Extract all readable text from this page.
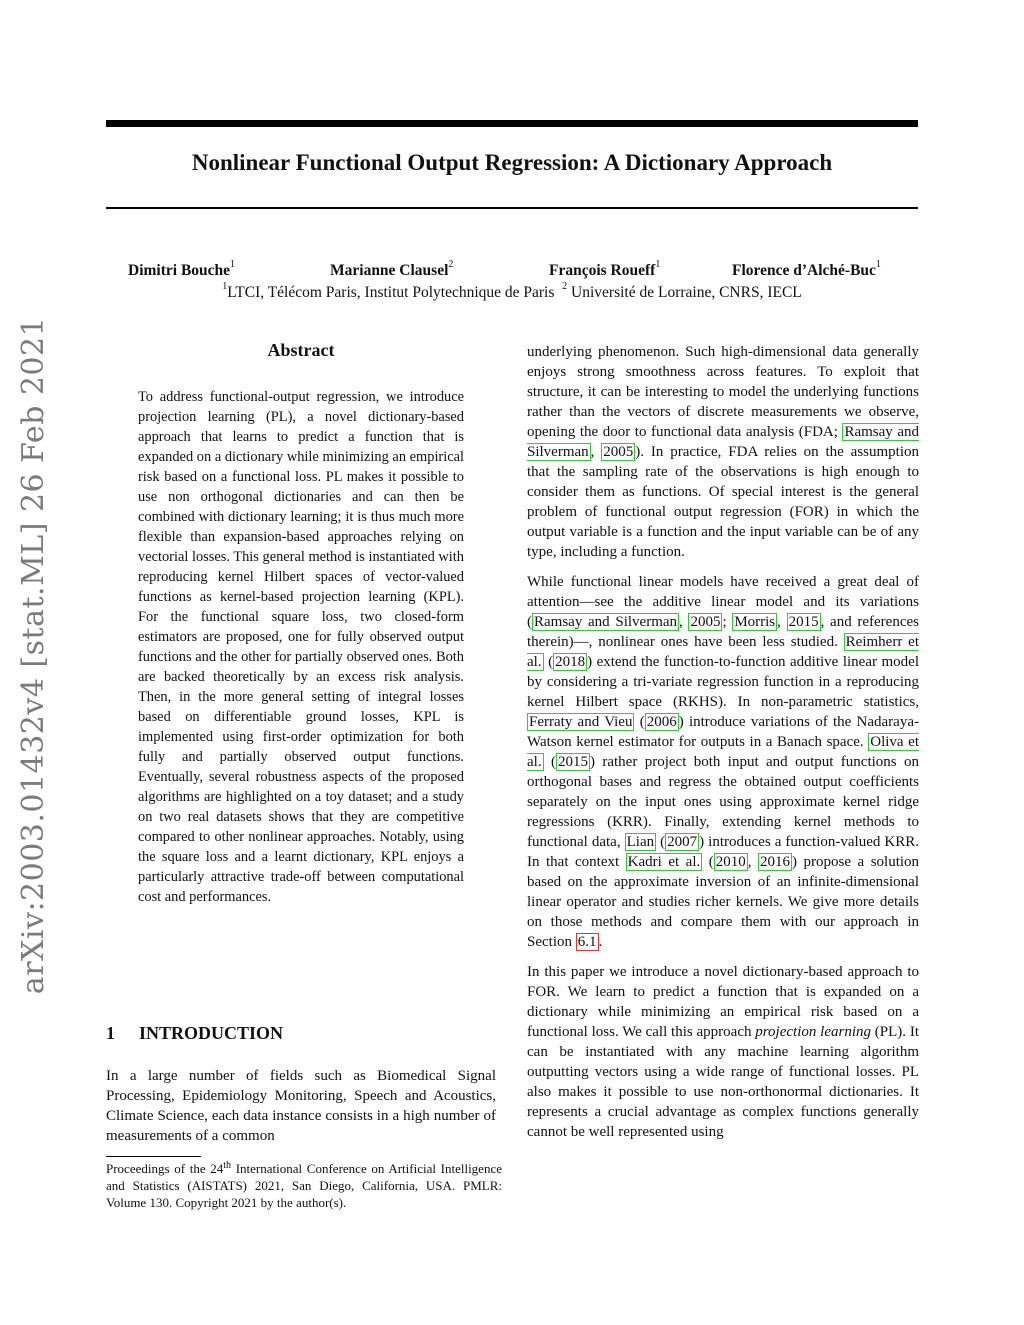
Nonlinear Functional Output Regression: A Dictionary Approach
Dimitri Bouche$^1$	Marianne Clausel$^2$	François Roueff$^1$	Florence d’Alché-Buc$^1$
$^1$LTCI, Télécom Paris, Institut Polytechnique de Paris $^2$ Université de Lorraine, CNRS, IECL
arXiv:2003.01432v4 [stat.ML] 26 Feb 2021	Abstract
To address functional-output regression, we introduce projection learning (PL), a novel dictionary-based approach that learns to predict a function that is expanded on a dictionary while minimizing an empirical risk based on a functional loss. PL makes it possible to use non orthogonal dictionaries and can then be combined with dictionary learning; it is thus much more flexible than expansion-based approaches relying on vectorial losses. This general method is instantiated with reproducing kernel Hilbert spaces of vector-valued functions as kernel-based projection learning (KPL). For the functional square loss, two closed-form estimators are proposed, one for fully observed output functions and the other for partially observed ones. Both are backed theoretically by an excess risk analysis. Then, in the more general setting of integral losses based on differentiable ground losses, KPL is implemented using first-order optimization for both fully and partially observed output functions. Eventually, several robustness aspects of the proposed algorithms are highlighted on a toy dataset; and a study on two real datasets shows that they are competitive compared to other nonlinear approaches. Notably, using the square loss and a learnt dictionary, KPL enjoys a particularly attractive trade-off between computational cost and performances.
1 INTRODUCTION
In a large number of fields such as Biomedical Signal Processing, Epidemiology Monitoring, Speech and Acoustics, Climate Science, each data instance consists in a high number of measurements of a common
Proceedings of the 24th International Conference on Artificial Intelligence and Statistics (AISTATS) 2021, San Diego, California, USA. PMLR: Volume 130. Copyright 2021 by the author(s).

underlying phenomenon. Such high-dimensional data generally enjoys strong smoothness across features. To exploit that structure, it can be interesting to model the underlying functions rather than the vectors of discrete measurements we observe, opening the door to functional data analysis (FDA; Ramsay and Silverman , 2005 ). In practice, FDA relies on the assumption that the sampling rate of the observations is high enough to consider them as functions. Of special interest is the general problem of functional output regression (FOR) in which the output variable is a function and the input variable can be of any type, including a function.

While functional linear models have received a great deal of attention—see the additive linear model and its variations ( Ramsay and Silverman , 2005 ; Morris , 2015 , and references therein)—, nonlinear ones have been less studied. Reimherr et al. ( 2018 ) extend the function-to-function additive linear model by considering a tri-variate regression function in a reproducing kernel Hilbert space (RKHS). In non-parametric statistics, Ferraty and Vieu ( 2006 ) introduce variations of the Nadaraya-Watson kernel estimator for outputs in a Banach space. Oliva et al. ( 2015 ) rather project both input and output functions on orthogonal bases and regress the obtained output coefficients separately on the input ones using approximate kernel ridge regressions (KRR). Finally, extending kernel methods to functional data, Lian ( 2007 ) introduces a function-valued KRR. In that context Kadri et al. ( 2010 , 2016 ) propose a solution based on the approximate inversion of an infinite-dimensional linear operator and studies richer kernels. We give more details on those methods and compare them with our approach in Section 6.1 .

In this paper we introduce a novel dictionary-based approach to FOR. We learn to predict a function that is expanded on a dictionary while minimizing an empirical risk based on a functional loss. We call this approach projection learning (PL). It can be instantiated with any machine learning algorithm outputting vectors using a wide range of functional losses. PL also makes it possible to use non-orthonormal dictionaries. It represents a crucial advantage as complex functions generally cannot be well represented using
